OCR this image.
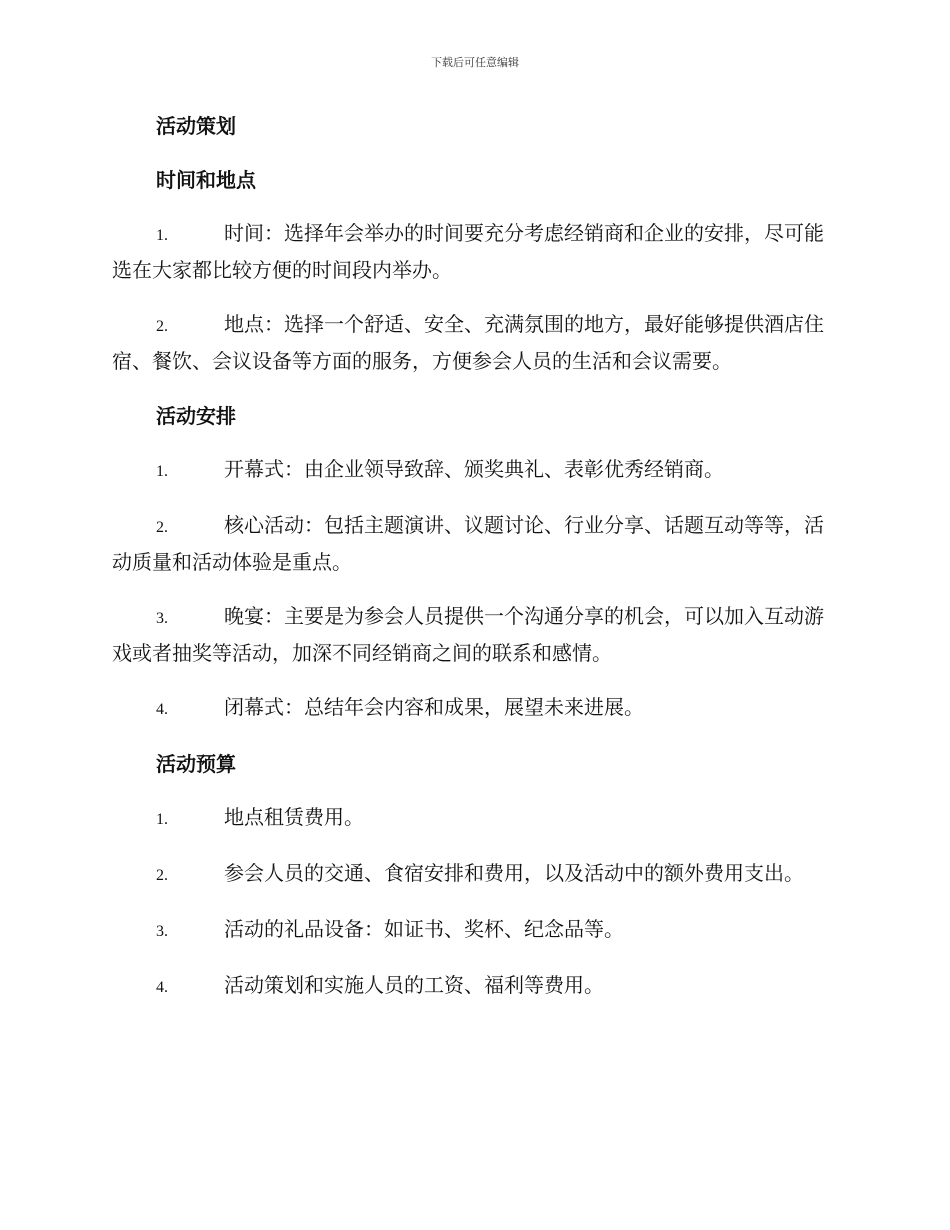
下载后可任意编辑
活动策划
时间和地点
1.	时间：选择年会举办的时间要充分考虑经销商和企业的安排，尽可能选在大家都比较方便的时间段内举办。
2.	地点：选择一个舒适、安全、充满氛围的地方，最好能够提供酒店住宿、餐饮、会议设备等方面的服务，方便参会人员的生活和会议需要。
活动安排
1.	开幕式：由企业领导致辞、颁奖典礼、表彰优秀经销商。
2.	核心活动：包括主题演讲、议题讨论、行业分享、话题互动等等，活动质量和活动体验是重点。
3.	晚宴：主要是为参会人员提供一个沟通分享的机会，可以加入互动游戏或者抽奖等活动，加深不同经销商之间的联系和感情。
4.	闭幕式：总结年会内容和成果，展望未来进展。
活动预算
1.	地点租赁费用。
2.	参会人员的交通、食宿安排和费用，以及活动中的额外费用支出。
3.	活动的礼品设备：如证书、奖杯、纪念品等。
4.	活动策划和实施人员的工资、福利等费用。
